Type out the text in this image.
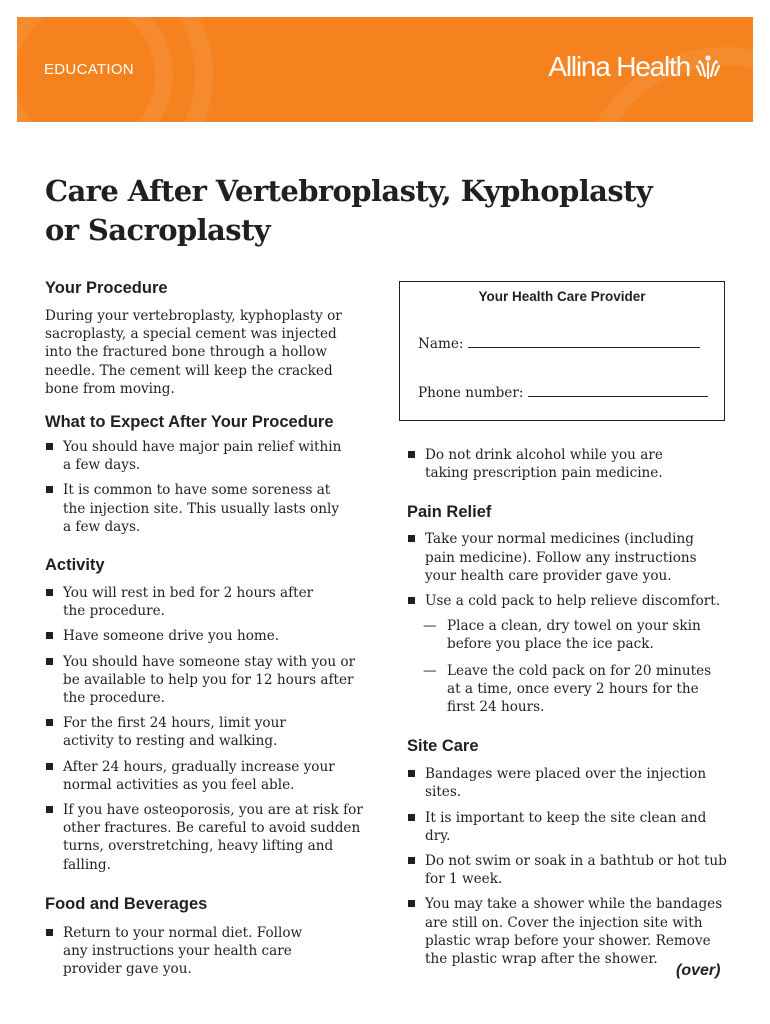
EDUCATION	Allina Health
Care After Vertebroplasty, Kyphoplasty or Sacroplasty
Your Health Care Provider
Name:
Phone number:
Your Procedure

During your vertebroplasty, kyphoplasty or sacroplasty, a special cement was injected into the fractured bone through a hollow needle. The cement will keep the cracked bone from moving.

What to Expect After Your Procedure
You should have major pain relief within a few days.
It is common to have some soreness at the injection site. This usually lasts only a few days.
Activity
You will rest in bed for 2 hours after the procedure.
Have someone drive you home.
You should have someone stay with you or be available to help you for 12 hours after the procedure.
For the first 24 hours, limit your activity to resting and walking.
After 24 hours, gradually increase your normal activities as you feel able.
If you have osteoporosis, you are at risk for other fractures. Be careful to avoid sudden turns, overstretching, heavy lifting and falling.
Food and Beverages
Return to your normal diet. Follow any instructions your health care provider gave you.
Do not drink alcohol while you are taking prescription pain medicine.
Pain Relief
Take your normal medicines (including pain medicine). Follow any instructions your health care provider gave you.
Use a cold pack to help relieve discomfort.
— Place a clean, dry towel on your skin before you place the ice pack.
— Leave the cold pack on for 20 minutes at a time, once every 2 hours for the first 24 hours.
Site Care
Bandages were placed over the injection sites.
It is important to keep the site clean and dry.
Do not swim or soak in a bathtub or hot tub for 1 week.
You may take a shower while the bandages are still on. Cover the injection site with plastic wrap before your shower. Remove the plastic wrap after the shower.
(over)
